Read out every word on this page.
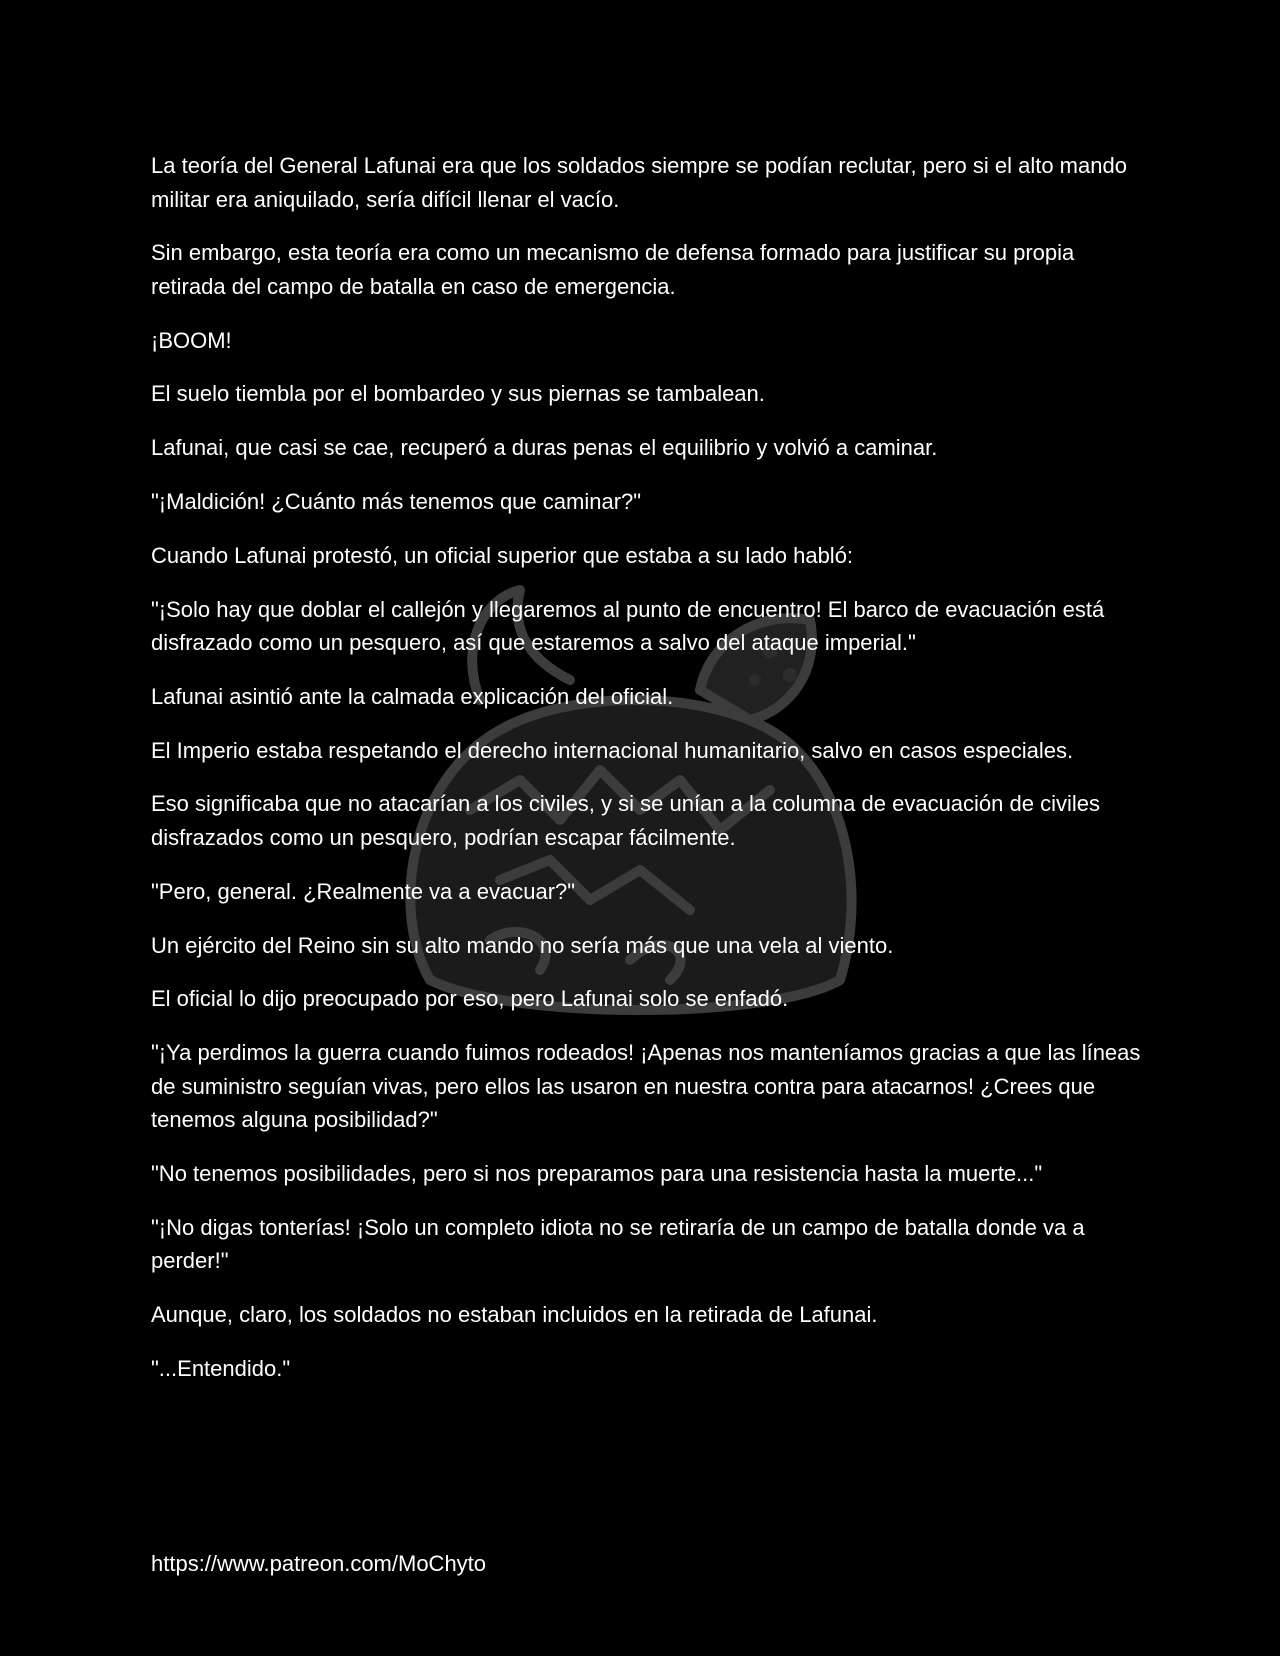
La teoría del General Lafunai era que los soldados siempre se podían reclutar, pero si el alto mando militar era aniquilado, sería difícil llenar el vacío.

Sin embargo, esta teoría era como un mecanismo de defensa formado para justificar su propia retirada del campo de batalla en caso de emergencia.

¡BOOM!

El suelo tiembla por el bombardeo y sus piernas se tambalean.

Lafunai, que casi se cae, recuperó a duras penas el equilibrio y volvió a caminar.

"¡Maldición! ¿Cuánto más tenemos que caminar?"

Cuando Lafunai protestó, un oficial superior que estaba a su lado habló:

"¡Solo hay que doblar el callejón y llegaremos al punto de encuentro! El barco de evacuación está disfrazado como un pesquero, así que estaremos a salvo del ataque imperial."

Lafunai asintió ante la calmada explicación del oficial.

El Imperio estaba respetando el derecho internacional humanitario, salvo en casos especiales.

Eso significaba que no atacarían a los civiles, y si se unían a la columna de evacuación de civiles disfrazados como un pesquero, podrían escapar fácilmente.

"Pero, general. ¿Realmente va a evacuar?"

Un ejército del Reino sin su alto mando no sería más que una vela al viento.

El oficial lo dijo preocupado por eso, pero Lafunai solo se enfadó.

"¡Ya perdimos la guerra cuando fuimos rodeados! ¡Apenas nos manteníamos gracias a que las líneas de suministro seguían vivas, pero ellos las usaron en nuestra contra para atacarnos! ¿Crees que tenemos alguna posibilidad?"

"No tenemos posibilidades, pero si nos preparamos para una resistencia hasta la muerte..."

"¡No digas tonterías! ¡Solo un completo idiota no se retiraría de un campo de batalla donde va a perder!"

Aunque, claro, los soldados no estaban incluidos en la retirada de Lafunai.

"...Entendido."

https://www.patreon.com/MoChyto
